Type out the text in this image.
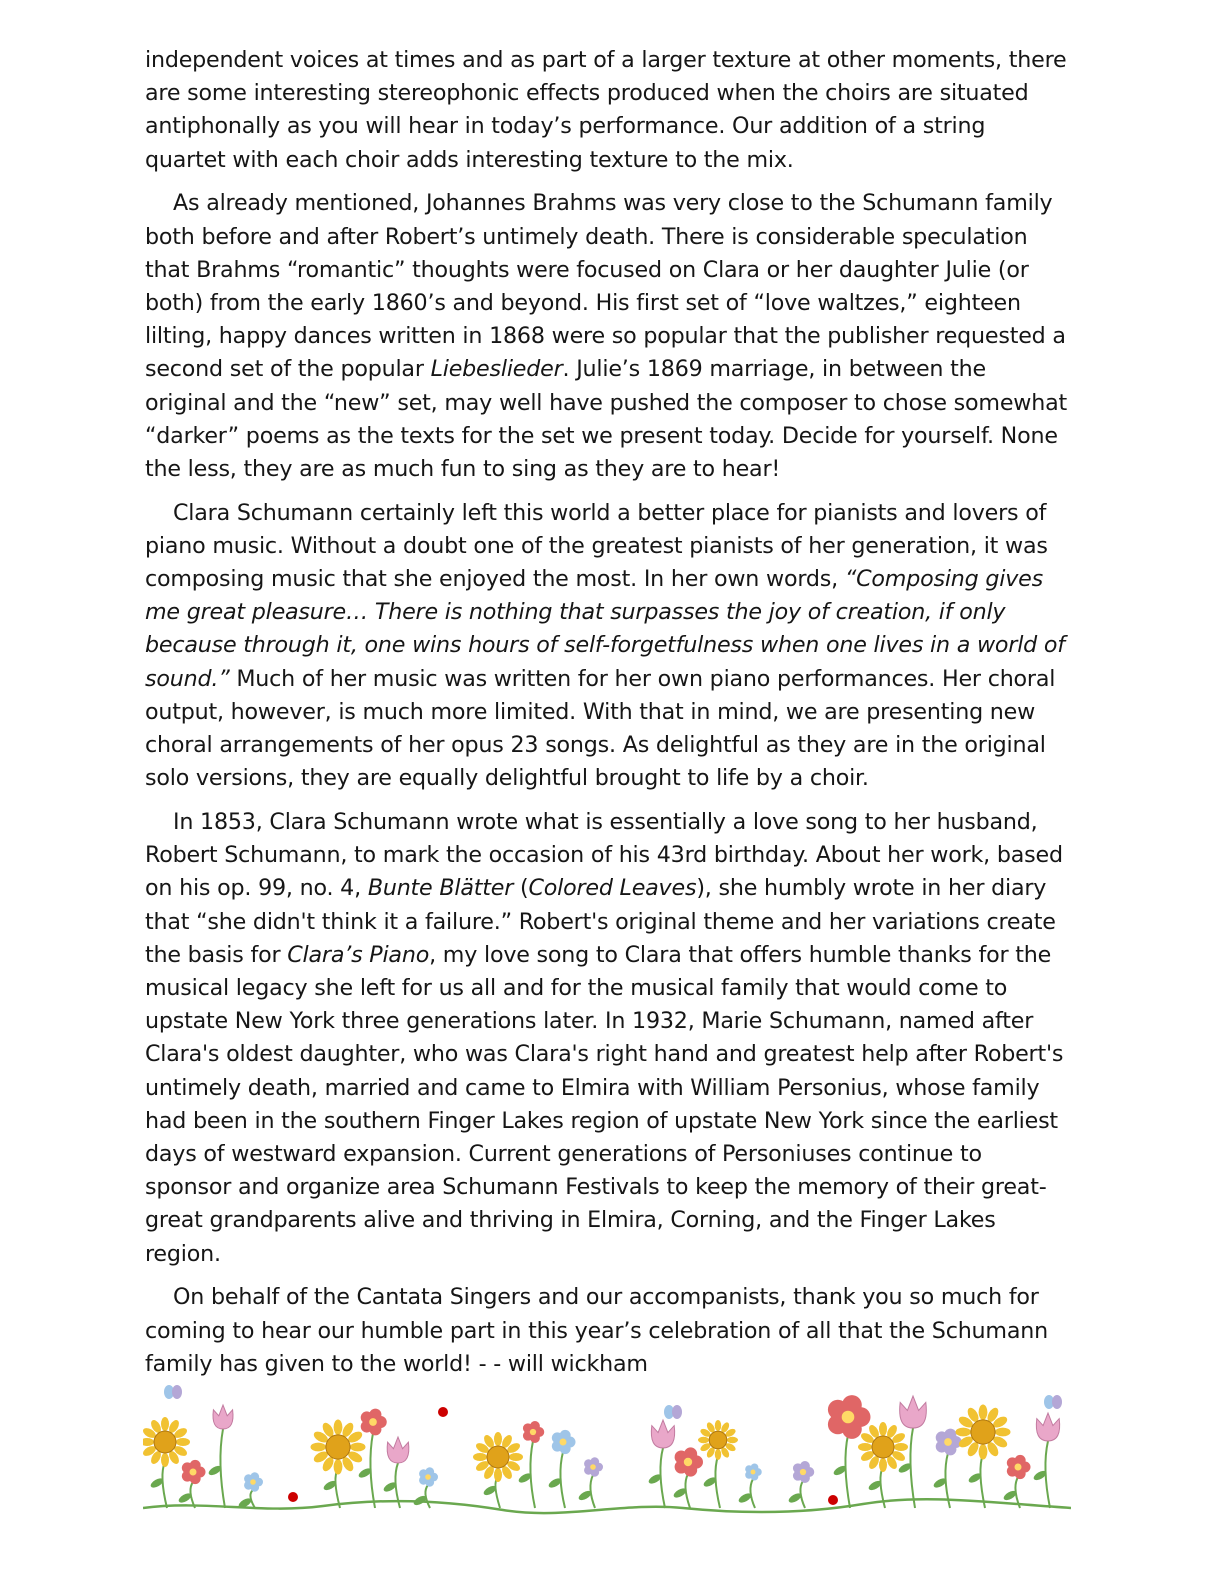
independent voices at times and as part of a larger texture at other moments, there are some interesting stereophonic effects produced when the choirs are situated antiphonally as you will hear in today’s performance. Our addition of a string quartet with each choir adds interesting texture to the mix.

As already mentioned, Johannes Brahms was very close to the Schumann family both before and after Robert’s untimely death. There is considerable speculation that Brahms “romantic” thoughts were focused on Clara or her daughter Julie (or both) from the early 1860’s and beyond. His first set of “love waltzes,” eighteen lilting, happy dances written in 1868 were so popular that the publisher requested a second set of the popular Liebeslieder. Julie’s 1869 marriage, in between the original and the “new” set, may well have pushed the composer to chose somewhat “darker” poems as the texts for the set we present today. Decide for yourself. None the less, they are as much fun to sing as they are to hear!

Clara Schumann certainly left this world a better place for pianists and lovers of piano music. Without a doubt one of the greatest pianists of her generation, it was composing music that she enjoyed the most. In her own words, “Composing gives me great pleasure… There is nothing that surpasses the joy of creation, if only because through it, one wins hours of self-forgetfulness when one lives in a world of sound.” Much of her music was written for her own piano performances. Her choral output, however, is much more limited. With that in mind, we are presenting new choral arrangements of her opus 23 songs. As delightful as they are in the original solo versions, they are equally delightful brought to life by a choir.

In 1853, Clara Schumann wrote what is essentially a love song to her husband, Robert Schumann, to mark the occasion of his 43rd birthday. About her work, based on his op. 99, no. 4, Bunte Blätter (Colored Leaves), she humbly wrote in her diary that “she didn't think it a failure.” Robert's original theme and her variations create the basis for Clara’s Piano, my love song to Clara that offers humble thanks for the musical legacy she left for us all and for the musical family that would come to upstate New York three generations later. In 1932, Marie Schumann, named after Clara's oldest daughter, who was Clara's right hand and greatest help after Robert's untimely death, married and came to Elmira with William Personius, whose family had been in the southern Finger Lakes region of upstate New York since the earliest days of westward expansion. Current generations of Personiuses continue to sponsor and organize area Schumann Festivals to keep the memory of their great-great grandparents alive and thriving in Elmira, Corning, and the Finger Lakes region.

On behalf of the Cantata Singers and our accompanists, thank you so much for coming to hear our humble part in this year’s celebration of all that the Schumann family has given to the world! - - will wickham
